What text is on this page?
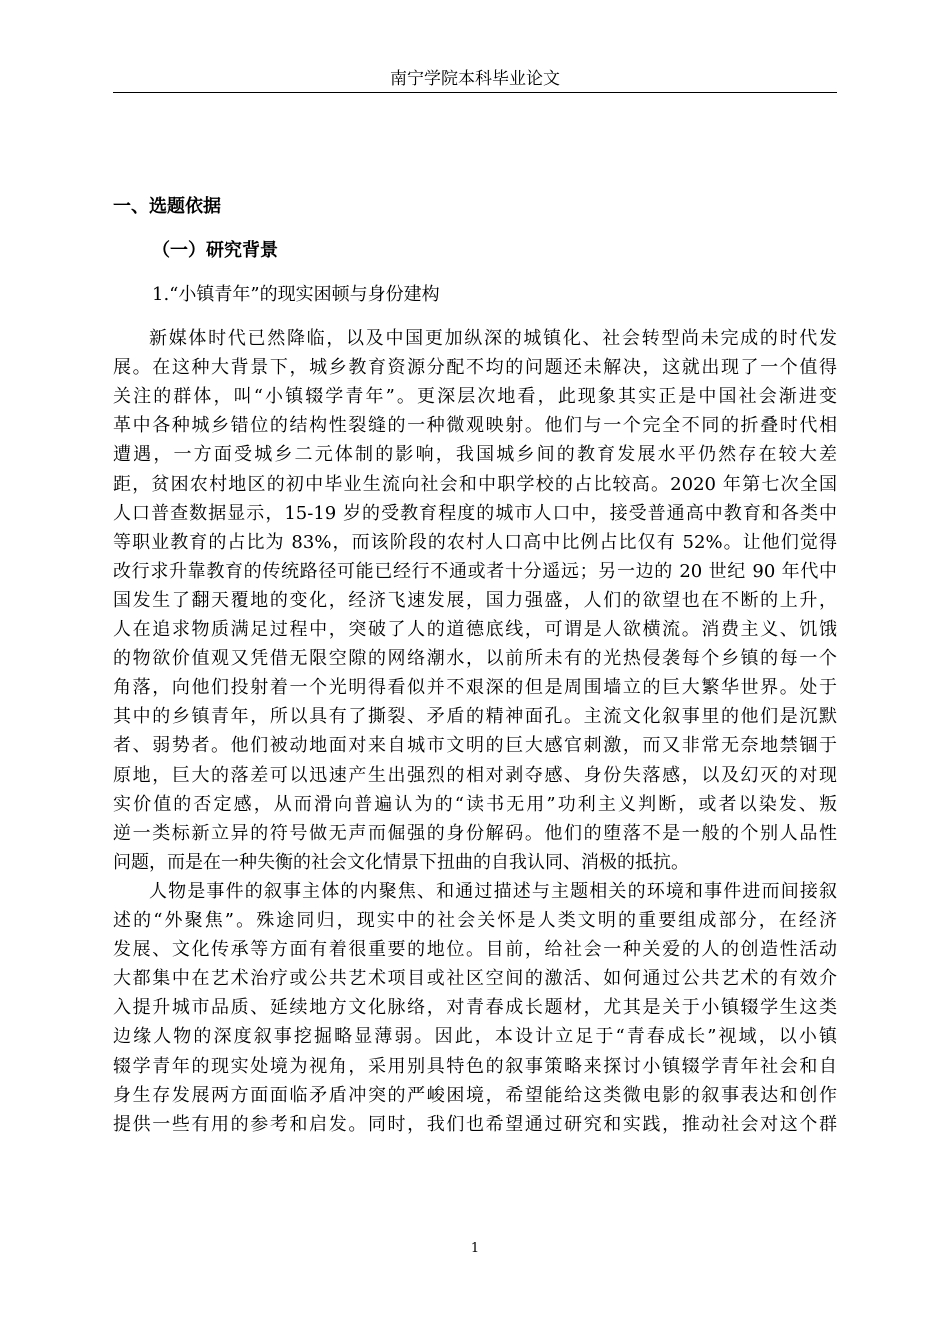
南宁学院本科毕业论文
一、选题依据
（一）研究背景
1.“小镇青年”的现实困顿与身份建构
新媒体时代已然降临，以及中国更加纵深的城镇化、社会转型尚未完成的时代发
展。在这种大背景下，城乡教育资源分配不均的问题还未解决，这就出现了一个值得
关注的群体，叫“小镇辍学青年”。更深层次地看，此现象其实正是中国社会渐进变
革中各种城乡错位的结构性裂缝的一种微观映射。他们与一个完全不同的折叠时代相
遭遇，一方面受城乡二元体制的影响，我国城乡间的教育发展水平仍然存在较大差
距，贫困农村地区的初中毕业生流向社会和中职学校的占比较高。2020 年第七次全国
人口普查数据显示，15-19 岁的受教育程度的城市人口中，接受普通高中教育和各类中
等职业教育的占比为 83%，而该阶段的农村人口高中比例占比仅有 52%。让他们觉得
改行求升靠教育的传统路径可能已经行不通或者十分遥远；另一边的 20 世纪 90 年代中
国发生了翻天覆地的变化，经济飞速发展，国力强盛，人们的欲望也在不断的上升，
人在追求物质满足过程中，突破了人的道德底线，可谓是人欲横流。消费主义、饥饿
的物欲价值观又凭借无限空隙的网络潮水，以前所未有的光热侵袭每个乡镇的每一个
角落，向他们投射着一个光明得看似并不艰深的但是周围墙立的巨大繁华世界。处于
其中的乡镇青年，所以具有了撕裂、矛盾的精神面孔。主流文化叙事里的他们是沉默
者、弱势者。他们被动地面对来自城市文明的巨大感官刺激，而又非常无奈地禁锢于
原地，巨大的落差可以迅速产生出强烈的相对剥夺感、身份失落感，以及幻灭的对现
实价值的否定感，从而滑向普遍认为的“读书无用”功利主义判断，或者以染发、叛
逆一类标新立异的符号做无声而倔强的身份解码。他们的堕落不是一般的个别人品性
问题，而是在一种失衡的社会文化情景下扭曲的自我认同、消极的抵抗。
人物是事件的叙事主体的内聚焦、和通过描述与主题相关的环境和事件进而间接叙
述的“外聚焦”。殊途同归，现实中的社会关怀是人类文明的重要组成部分，在经济
发展、文化传承等方面有着很重要的地位。目前，给社会一种关爱的人的创造性活动
大都集中在艺术治疗或公共艺术项目或社区空间的激活、如何通过公共艺术的有效介
入提升城市品质、延续地方文化脉络，对青春成长题材，尤其是关于小镇辍学生这类
边缘人物的深度叙事挖掘略显薄弱。因此，本设计立足于“青春成长”视域，以小镇
辍学青年的现实处境为视角，采用别具特色的叙事策略来探讨小镇辍学青年社会和自
身生存发展两方面面临矛盾冲突的严峻困境，希望能给这类微电影的叙事表达和创作
提供一些有用的参考和启发。同时，我们也希望通过研究和实践，推动社会对这个群
1
